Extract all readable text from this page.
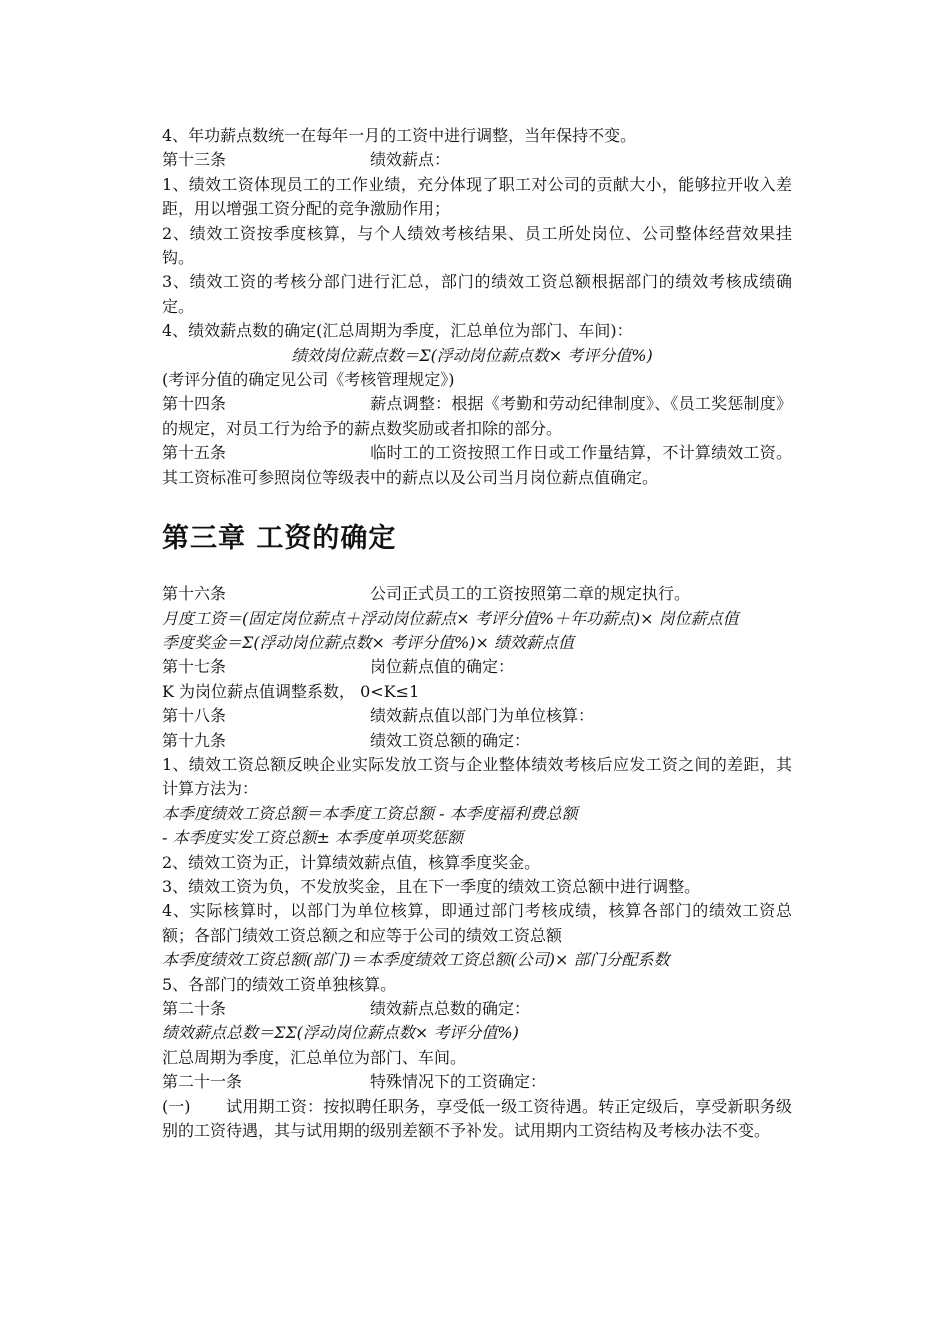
4、年功薪点数统一在每年一月的工资中进行调整，当年保持不变。

第十三条	绩效薪点：

1、绩效工资体现员工的工作业绩，充分体现了职工对公司的贡献大小，能够拉开收入差距，用以增强工资分配的竞争激励作用；

2、绩效工资按季度核算，与个人绩效考核结果、员工所处岗位、公司整体经营效果挂钩。

3、绩效工资的考核分部门进行汇总，部门的绩效工资总额根据部门的绩效考核成绩确定。

4、绩效薪点数的确定(汇总周期为季度，汇总单位为部门、车间)：

绩效岗位薪点数＝Σ(浮动岗位薪点数× 考评分值%)

(考评分值的确定见公司《考核管理规定》)

第十四条	薪点调整：根据《考勤和劳动纪律制度》、《员工奖惩制度》的规定，对员工行为给予的薪点数奖励或者扣除的部分。

第十五条	临时工的工资按照工作日或工作量结算，不计算绩效工资。其工资标准可参照岗位等级表中的薪点以及公司当月岗位薪点值确定。

第三章 工资的确定
第十六条	公司正式员工的工资按照第二章的规定执行。

月度工资＝(固定岗位薪点＋浮动岗位薪点× 考评分值%＋年功薪点)× 岗位薪点值

季度奖金＝Σ(浮动岗位薪点数× 考评分值%)× 绩效薪点值

第十七条	岗位薪点值的确定：

K 为岗位薪点值调整系数， 0<K≤1

第十八条	绩效薪点值以部门为单位核算：
第十九条	绩效工资总额的确定：

1、绩效工资总额反映企业实际发放工资与企业整体绩效考核后应发工资之间的差距，其计算方法为：

本季度绩效工资总额＝本季度工资总额 - 本季度福利费总额

- 本季度实发工资总额± 本季度单项奖惩额

2、绩效工资为正，计算绩效薪点值，核算季度奖金。

3、绩效工资为负，不发放奖金，且在下一季度的绩效工资总额中进行调整。

4、实际核算时，以部门为单位核算，即通过部门考核成绩，核算各部门的绩效工资总额；各部门绩效工资总额之和应等于公司的绩效工资总额

本季度绩效工资总额(部门)＝本季度绩效工资总额(公司)× 部门分配系数

5、各部门的绩效工资单独核算。

第二十条	绩效薪点总数的确定：

绩效薪点总数＝ΣΣ(浮动岗位薪点数× 考评分值%)

汇总周期为季度，汇总单位为部门、车间。

第二十一条	特殊情况下的工资确定：

(一) 试用期工资：按拟聘任职务，享受低一级工资待遇。转正定级后，享受新职务级别的工资待遇，其与试用期的级别差额不予补发。试用期内工资结构及考核办法不变。
